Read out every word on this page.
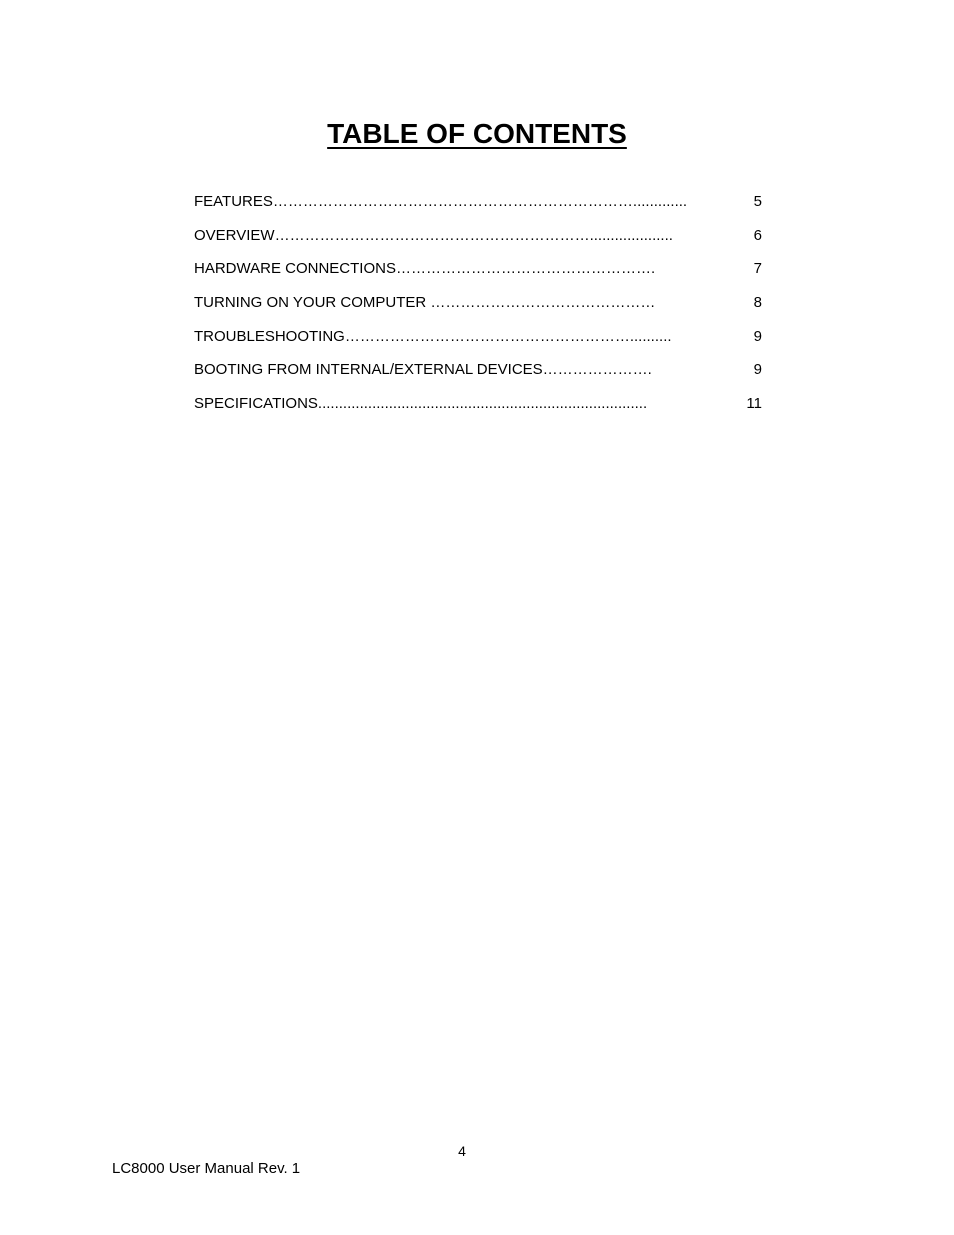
TABLE OF CONTENTS
FEATURES……………………………………………………………….............	5
OVERVIEW………………………………………………………....................	6
HARDWARE CONNECTIONS…………………………………………….	7
TURNING ON YOUR COMPUTER ………………………………………	8
TROUBLESHOOTING…………………………………………………..........	9
BOOTING FROM INTERNAL/EXTERNAL DEVICES………………….	9
SPECIFICATIONS...............................................................................	11
4
LC8000 User Manual Rev. 1
